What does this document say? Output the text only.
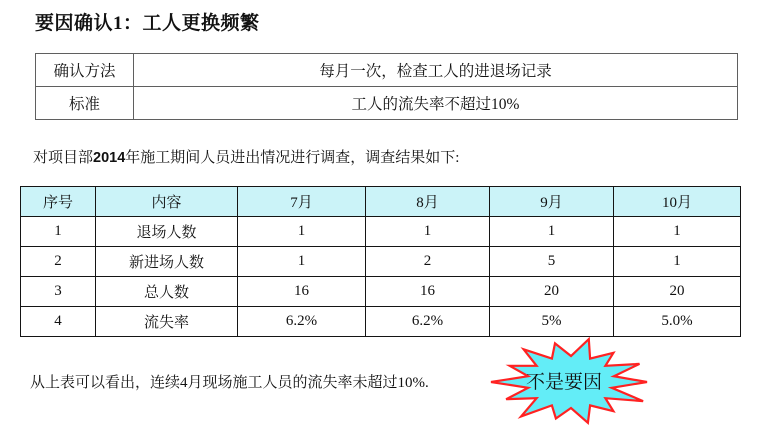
要因确认1：工人更换频繁
确认方法	每月一次，检查工人的进退场记录
标准	工人的流失率不超过10%
对项目部2014年施工期间人员进出情况进行调查，调查结果如下:
序号	内容	7月	8月	9月	10月
1	退场人数	1	1	1	1
2	新进场人数	1	2	5	1
3	总人数	16	16	20	20
4	流失率	6.2%	6.2%	5%	5.0%
从上表可以看出，连续4月现场施工人员的流失率未超过10%.	不是要因
